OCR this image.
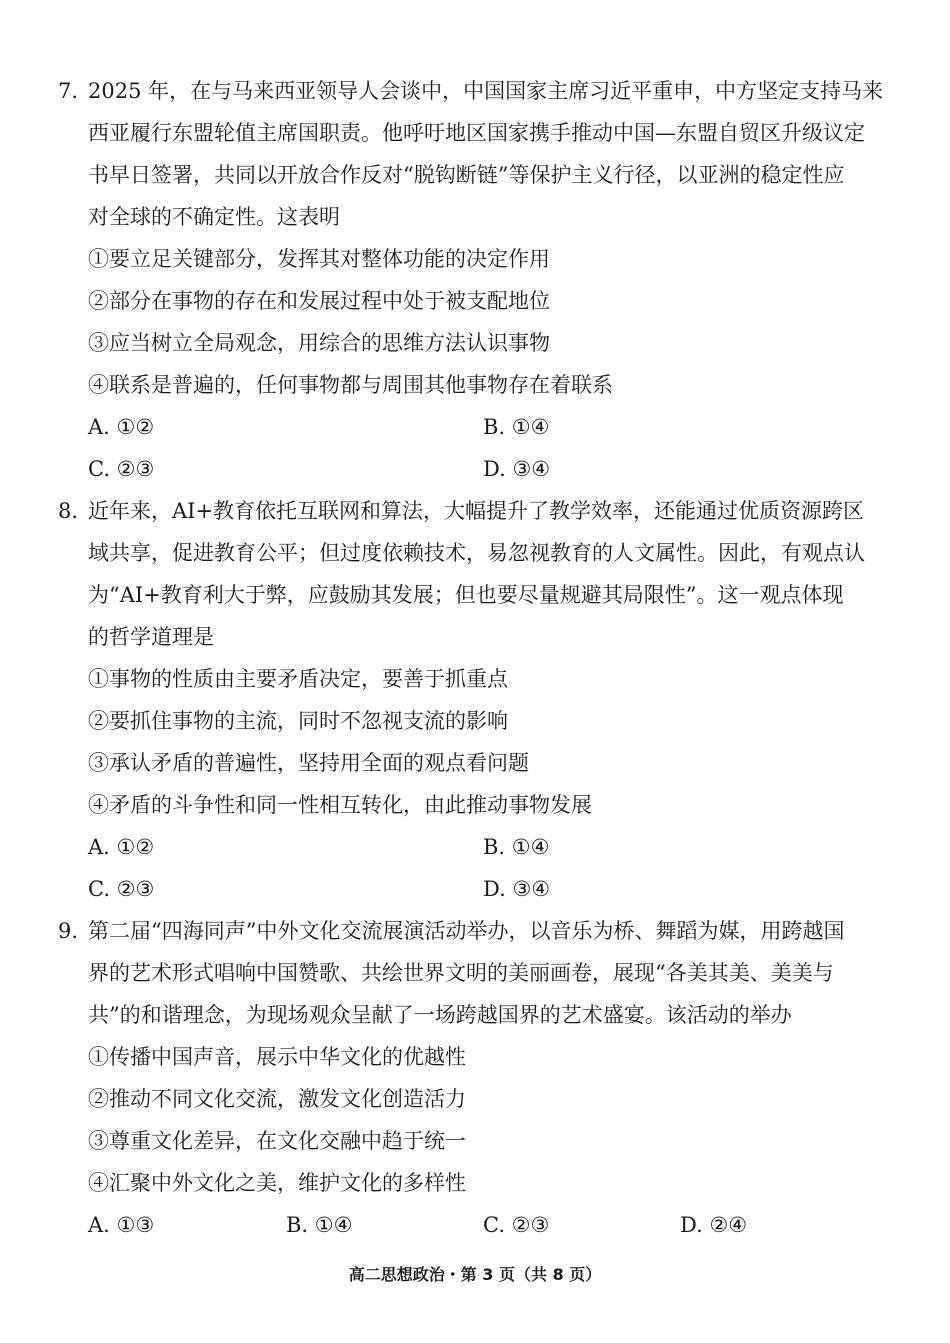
7. 2025 年，在与马来西亚领导人会谈中，中国国家主席习近平重申，中方坚定支持马来
西亚履行东盟轮值主席国职责。他呼吁地区国家携手推动中国—东盟自贸区升级议定
书早日签署，共同以开放合作反对“脱钩断链”等保护主义行径，以亚洲的稳定性应
对全球的不确定性。这表明
①要立足关键部分，发挥其对整体功能的决定作用
②部分在事物的存在和发展过程中处于被支配地位
③应当树立全局观念，用综合的思维方法认识事物
④联系是普遍的，任何事物都与周围其他事物存在着联系
A. ①②	B. ①④
C. ②③	D. ③④
8. 近年来，AI+教育依托互联网和算法，大幅提升了教学效率，还能通过优质资源跨区
域共享，促进教育公平；但过度依赖技术，易忽视教育的人文属性。因此，有观点认
为“AI+教育利大于弊，应鼓励其发展；但也要尽量规避其局限性”。这一观点体现
的哲学道理是
①事物的性质由主要矛盾决定，要善于抓重点
②要抓住事物的主流，同时不忽视支流的影响
③承认矛盾的普遍性，坚持用全面的观点看问题
④矛盾的斗争性和同一性相互转化，由此推动事物发展
A. ①②	B. ①④
C. ②③	D. ③④
9. 第二届“四海同声”中外文化交流展演活动举办，以音乐为桥、舞蹈为媒，用跨越国
界的艺术形式唱响中国赞歌、共绘世界文明的美丽画卷，展现“各美其美、美美与
共”的和谐理念，为现场观众呈献了一场跨越国界的艺术盛宴。该活动的举办
①传播中国声音，展示中华文化的优越性
②推动不同文化交流，激发文化创造活力
③尊重文化差异，在文化交融中趋于统一
④汇聚中外文化之美，维护文化的多样性
A. ①③	B. ①④	C. ②③	D. ②④
高二思想政治・第 3 页（共 8 页）
